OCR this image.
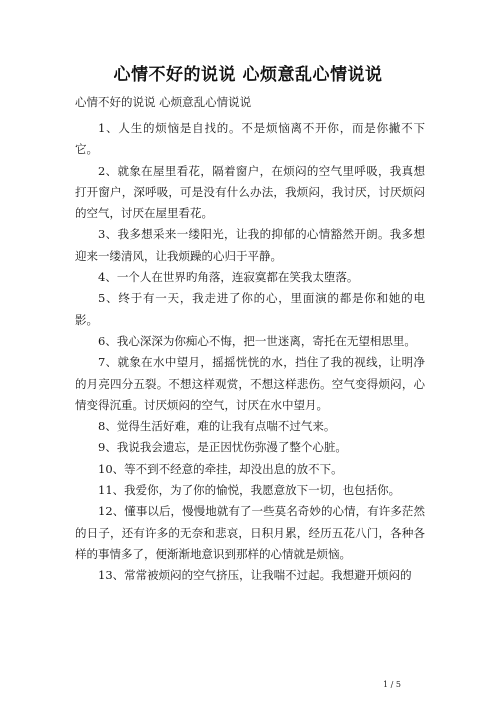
心情不好的说说 心烦意乱心情说说
心情不好的说说 心烦意乱心情说说

1、人生的烦恼是自找的。不是烦恼离不开你，而是你撇不下它。

2、就象在屋里看花，隔着窗户，在烦闷的空气里呼吸，我真想打开窗户，深呼吸，可是没有什么办法，我烦闷，我讨厌，讨厌烦闷的空气，讨厌在屋里看花。

3、我多想采来一缕阳光，让我的抑郁的心情豁然开朗。我多想迎来一缕清风，让我烦躁的心归于平静。

4、一个人在世界旳角落，连寂寞都在笑我太堕落。

5、终于有一天，我走进了你的心，里面演的都是你和她的电影。

6、我心深深为你痴心不悔，把一世迷离，寄托在无望相思里。

7、就象在水中望月，摇摇恍恍的水，挡住了我的视线，让明净的月亮四分五裂。不想这样观赏，不想这样悲伤。空气变得烦闷，心情变得沉重。讨厌烦闷的空气，讨厌在水中望月。

8、觉得生活好难，难的让我有点喘不过气来。

9、我说我会遗忘，是正因忧伤弥漫了整个心脏。

10、等不到不经意的牵挂，却没出息的放不下。

11、我爱你，为了你的愉悦，我愿意放下一切，也包括你。

12、懂事以后，慢慢地就有了一些莫名奇妙的心情，有许多茫然的日子，还有许多的无奈和悲哀，日积月累，经历五花八门，各种各样的事情多了，便渐渐地意识到那样的心情就是烦恼。

13、常常被烦闷的空气挤压，让我喘不过起。我想避开烦闷的

1 / 5
